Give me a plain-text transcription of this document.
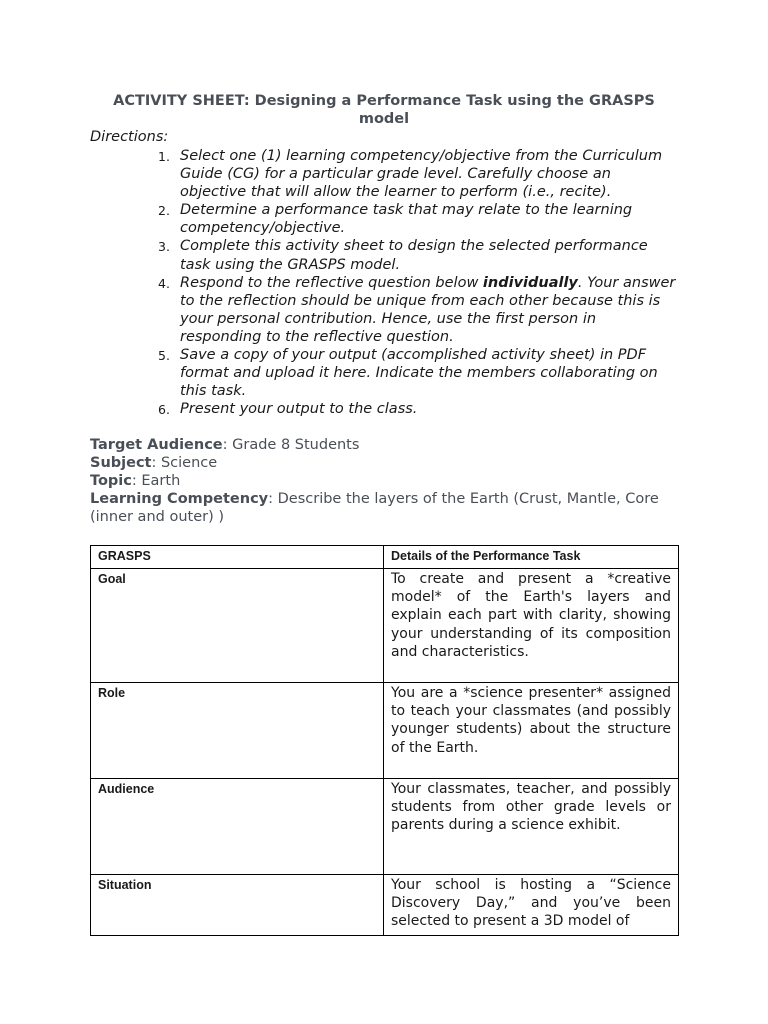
ACTIVITY SHEET: Designing a Performance Task using the GRASPS model
Directions:
1. Select one (1) learning competency/objective from the Curriculum Guide (CG) for a particular grade level. Carefully choose an objective that will allow the learner to perform (i.e., recite).
2. Determine a performance task that may relate to the learning competency/objective.
3. Complete this activity sheet to design the selected performance task using the GRASPS model.
4. Respond to the reflective question below individually. Your answer to the reflection should be unique from each other because this is your personal contribution. Hence, use the first person in responding to the reflective question.
5. Save a copy of your output (accomplished activity sheet) in PDF format and upload it here. Indicate the members collaborating on this task.
6. Present your output to the class.
Target Audience: Grade 8 Students
Subject: Science
Topic: Earth
Learning Competency: Describe the layers of the Earth (Crust, Mantle, Core (inner and outer) )
GRASPS	Details of the Performance Task
Goal	To create and present a *creative model* of the Earth's layers and explain each part with clarity, showing your understanding of its composition and characteristics.
Role	You are a *science presenter* assigned to teach your classmates (and possibly younger students) about the structure of the Earth.
Audience	Your classmates, teacher, and possibly students from other grade levels or parents during a science exhibit.
Situation	Your school is hosting a “Science Discovery Day,” and you’ve been selected to present a 3D model of
